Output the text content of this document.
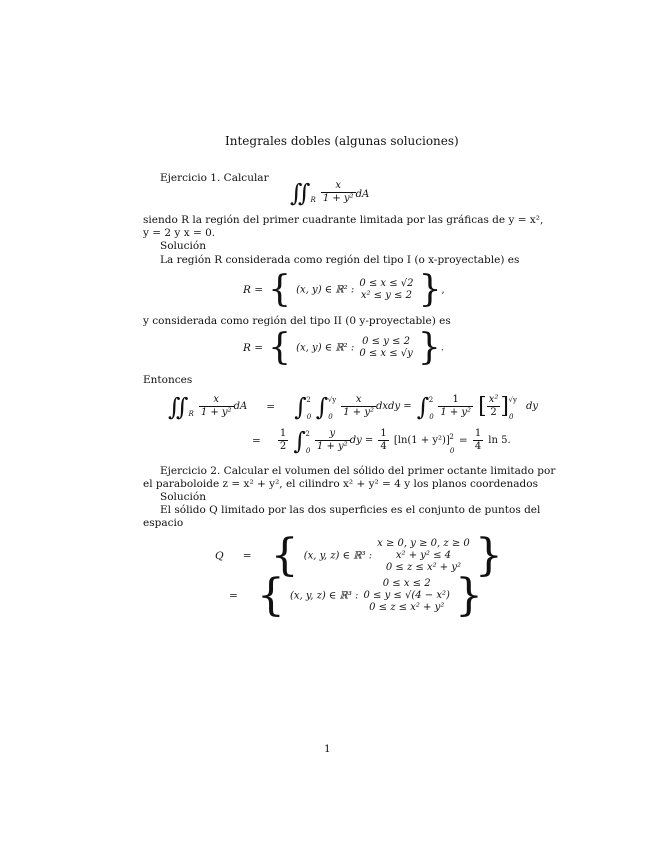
Integrales dobles (algunas soluciones)
Ejercicio 1. Calcular
$∬_R \frac{x}{\text{1 + y²}}$ dA
siendo R la región del primer cuadrante limitada por las gráficas de y = x²,
y = 2 y x = 0.
Solución
La región R considerada como región del tipo I (o x-proyectable) es
R = { (x, y) ∈ ℝ² :
0 ≤ x ≤ √2
x² ≤ y ≤ 2 },
y considerada como región del tipo II (0 y-proyectable) es
R = { (x, y) ∈ ℝ² :
0 ≤ y ≤ 2
0 ≤ x ≤ √y }.
Entonces
$∬_R \frac{x}{\text{1 + y²}}$ dA = $\int_0^2$ $\int_0^{√y} \frac{x}{\text{1 + y²}}$ dxdy = $\int_0^2 \frac{1}{\text{1 + y²}}$ [ $\frac{\text{x²}}{2} ]_0^{√y}$ dy
= $\frac{1}{2} \int_0^2 \frac{y}{\text{1 + y²}}$ dy = $\frac{1}{4} [\ln(1 + y^2)]_0^2 = \frac{1}{4}$ ln 5.
Ejercicio 2. Calcular el volumen del sólido del primer octante limitado por
el paraboloide z = x² + y², el cilindro x² + y² = 4 y los planos coordenados
Solución
El sólido Q limitado por las dos superficies es el conjunto de puntos del
espacio
Q = { (x, y, z) ∈ ℝ³ :
x ≥ 0, y ≥ 0, z ≥ 0
x² + y² ≤ 4
0 ≤ z ≤ x² + y² }
= { (x, y, z) ∈ ℝ³ :
0 ≤ x ≤ 2
0 ≤ y ≤ √(4 − x²)
0 ≤ z ≤ x² + y² }
1
